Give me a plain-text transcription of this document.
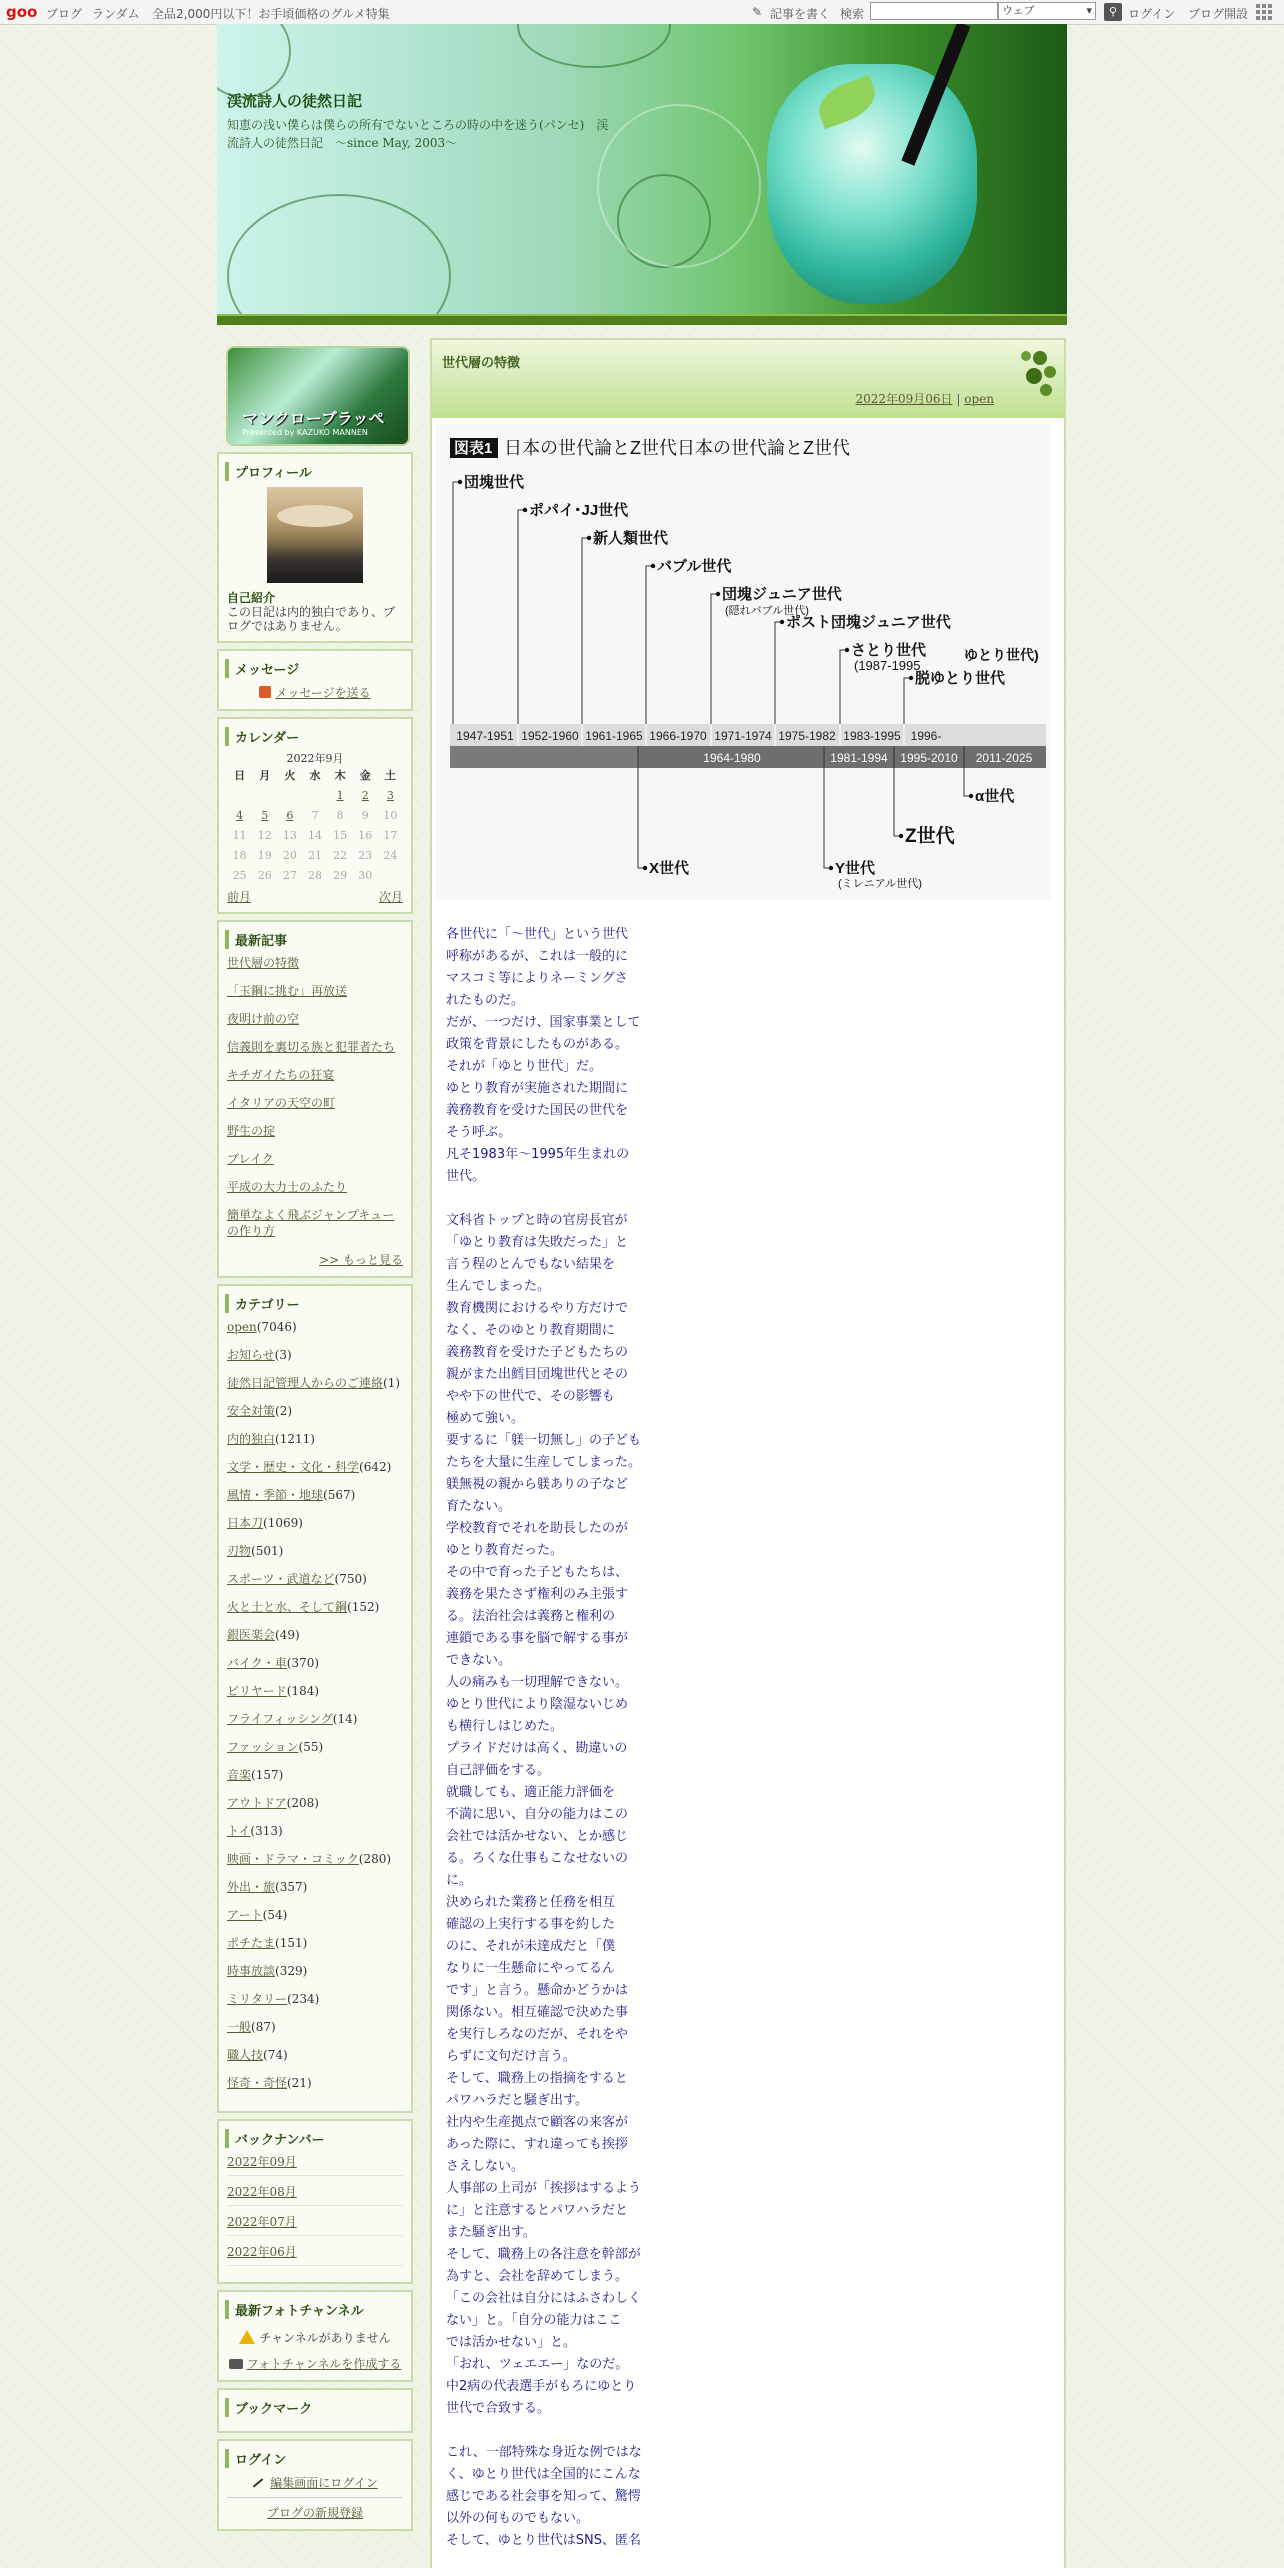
goo ブログ ランダム 全品2,000円以下！お手頃価格のグルメ特集	✎ 記事を書く 検索	ウェブ ▾	⚲ ログイン ブログ開設
渓流詩人の徒然日記
知恵の浅い僕らは僕らの所有でないところの時の中を迷う(パンセ)　渓流詩人の徒然日記　～since May, 2003～
マンクローブラッペ
Presented by KAZUKO MANNEN
プロフィール
自己紹介
この日記は内的独白であり、ブログではありません。
メッセージ
メッセージを送る
カレンダー
2022年9月
日	月	火	水	木	金	土
				1	2	3
4	5	6	7	8	9	10
11	12	13	14	15	16	17
18	19	20	21	22	23	24
25	26	27	28	29	30	
前月	次月
最新記事
世代層の特徴
「玉鋼に挑む」再放送
夜明け前の空
信義則を裏切る族と犯罪者たち
キチガイたちの狂宴
イタリアの天空の町
野生の掟
ブレイク
平成の大力士のふたり
簡単なよく飛ぶジャンプキューの作り方
>> もっと見る
カテゴリー
open(7046)
お知らせ(3)
徒然日記管理人からのご連絡(1)
安全対策(2)
内的独白(1211)
文学・歴史・文化・科学(642)
風情・季節・地球(567)
日本刀(1069)
刃物(501)
スポーツ・武道など(750)
火と土と水、そして鋼(152)
銀医楽会(49)
バイク・車(370)
ビリヤード(184)
フライフィッシング(14)
ファッション(55)
音楽(157)
アウトドア(208)
トイ(313)
映画・ドラマ・コミック(280)
外出・旅(357)
アート(54)
ポチたま(151)
時事放談(329)
ミリタリー(234)
一般(87)
職人技(74)
怪奇・奇怪(21)
バックナンバー
2022年09月
2022年08月
2022年07月
2022年06月
最新フォトチャンネル
チャンネルがありません
フォトチャンネルを作成する
ブックマーク
ログイン
編集画面にログイン
ブログの新規登録
世代層の特徴
2022年09月06日 | open
図表1 日本の世代論とZ世代日本の世代論とZ世代
団塊世代
ポパイ･JJ世代
新人類世代
バブル世代
団塊ジュニア世代
(隠れバブル世代)
ポスト団塊ジュニア世代
さとり世代
(1987-1995
ゆとり世代)
脱ゆとり世代
1947-1951 1952-1960 1961-1965 1966-1970 1971-1974 1975-1982 1983-1995 1996-
1964-1980	1981-1994 1995-2010 2011-2025
X世代	Y世代
(ミレニアル世代)
Z世代
α世代
各世代に「〜世代」という世代
呼称があるが、これは一般的に
マスコミ等によりネーミングさ
れたものだ。
だが、一つだけ、国家事業として
政策を背景にしたものがある。
それが「ゆとり世代」だ。
ゆとり教育が実施された期間に
義務教育を受けた国民の世代を
そう呼ぶ。
凡そ1983年〜1995年生まれの
世代。

文科省トップと時の官房長官が
「ゆとり教育は失敗だった」と
言う程のとんでもない結果を
生んでしまった。
教育機関におけるやり方だけで
なく、そのゆとり教育期間に
義務教育を受けた子どもたちの
親がまた出鱈目団塊世代とその
やや下の世代で、その影響も
極めて強い。
要するに「躾一切無し」の子ども
たちを大量に生産してしまった。
躾無視の親から躾ありの子など
育たない。
学校教育でそれを助長したのが
ゆとり教育だった。
その中で育った子どもたちは、
義務を果たさず権利のみ主張す
る。法治社会は義務と権利の
連鎖である事を脳で解する事が
できない。
人の痛みも一切理解できない。
ゆとり世代により陰湿ないじめ
も横行しはじめた。
プライドだけは高く、勘違いの
自己評価をする。
就職しても、適正能力評価を
不満に思い、自分の能力はこの
会社では活かせない、とか感じ
る。ろくな仕事もこなせないの
に。
決められた業務と任務を相互
確認の上実行する事を約した
のに、それが未達成だと「僕
なりに一生懸命にやってるん
です」と言う。懸命かどうかは
関係ない。相互確認で決めた事
を実行しろなのだが、それをや
らずに文句だけ言う。
そして、職務上の指摘をすると
パワハラだと騒ぎ出す。
社内や生産拠点で顧客の来客が
あった際に、すれ違っても挨拶
さえしない。
人事部の上司が「挨拶はするよう
に」と注意するとパワハラだと
また騒ぎ出す。
そして、職務上の各注意を幹部が
為すと、会社を辞めてしまう。
「この会社は自分にはふさわしく
ない」と。「自分の能力はここ
では活かせない」と。
「おれ、ツェエエー」なのだ。
中2病の代表選手がもろにゆとり
世代で合致する。

これ、一部特殊な身近な例ではな
く、ゆとり世代は全国的にこんな
感じである社会事を知って、驚愕
以外の何ものでもない。
そして、ゆとり世代はSNS、匿名
